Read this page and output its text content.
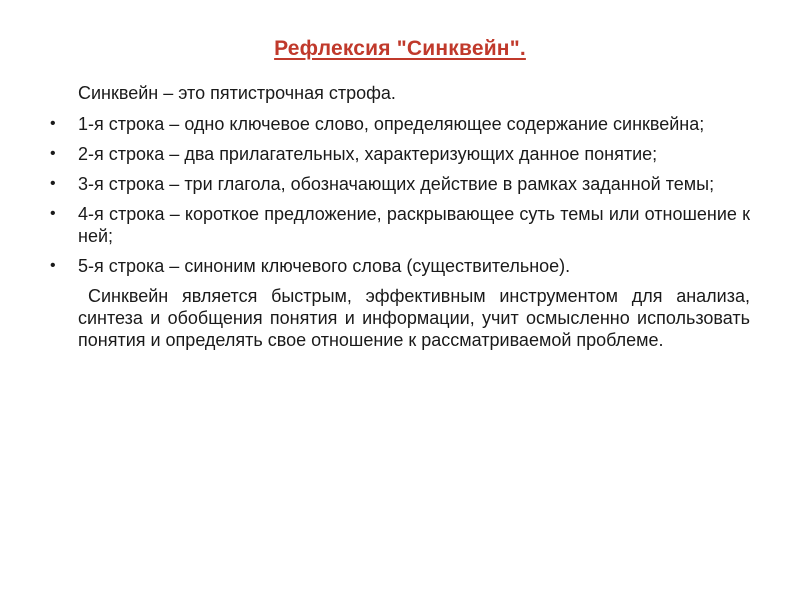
Рефлексия "Синквейн".

Синквейн – это пятистрочная строфа.

•	1-я строка – одно ключевое слово, определяющее содержание синквейна;
•	2-я строка – два прилагательных, характеризующих данное понятие;
•	3-я строка – три глагола, обозначающих действие в рамках заданной темы;
•	4-я строка – короткое предложение, раскрывающее суть темы или отношение к ней;
•	5-я строка – синоним ключевого слова (существительное).

Синквейн является быстрым, эффективным инструментом для анализа, синтеза и обобщения понятия и информации, учит осмысленно использовать понятия и определять свое отношение к рассматриваемой проблеме.
